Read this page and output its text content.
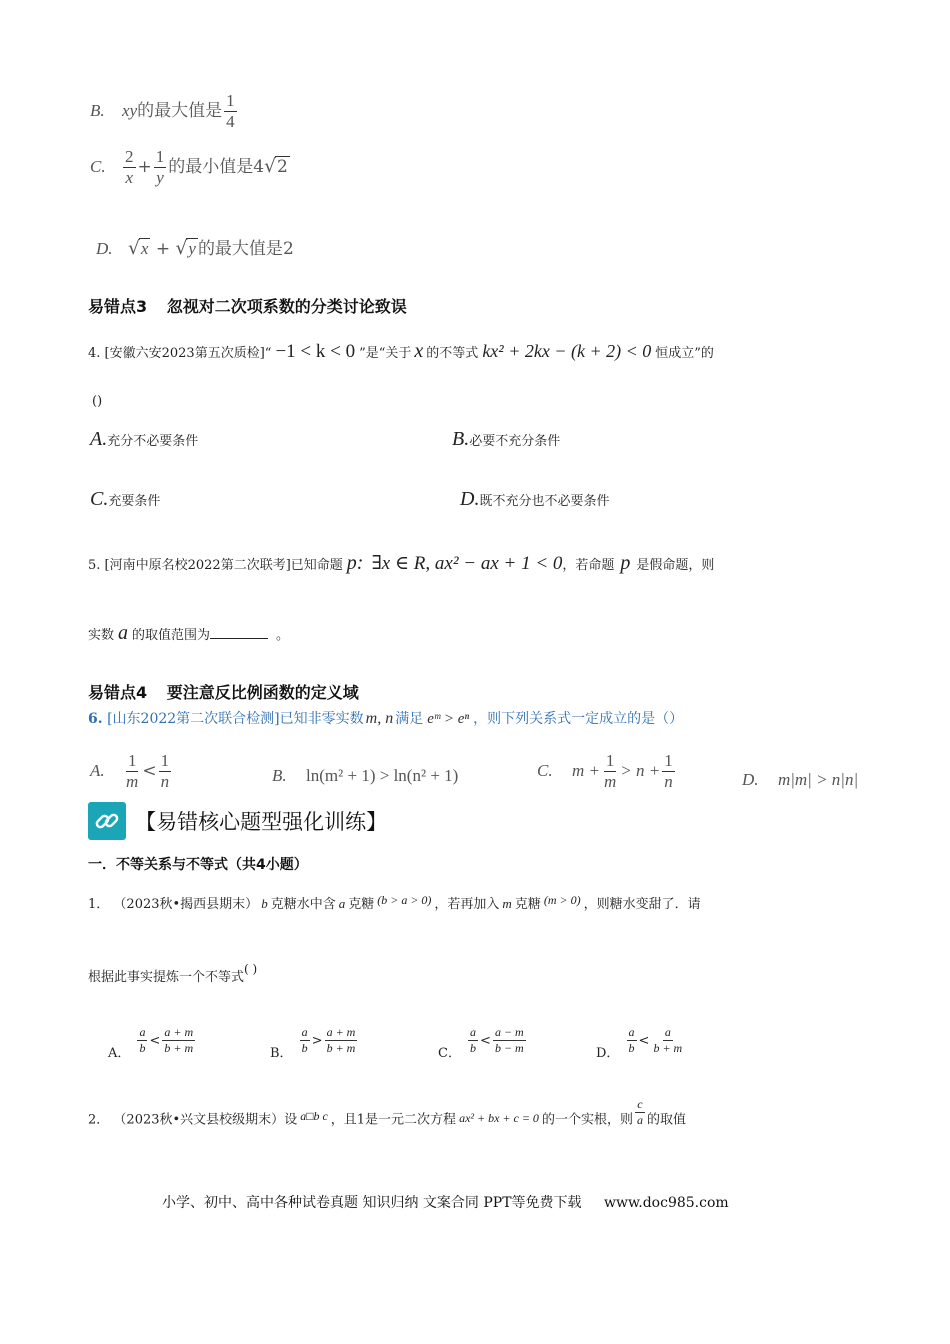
B. xy的最大值是 $\frac{1}{4}$
C. $\frac{2}{x} + \frac{1}{y}$ 的最小值是4√2
D. √x + √y 的最大值是2
易错点3 忽视对二次项系数的分类讨论致误
4. [安徽六安2023第五次质检]“ −1 < k < 0 ”是“关于 x 的不等式 kx² + 2kx − (k + 2) < 0 恒成立”的
()
A.充分不必要条件	B.必要不充分条件
C.充要条件	D.既不充分也不必要条件
5. [河南中原名校2022第二次联考]已知命题 p: ∃x ∈ R, ax² − ax + 1 < 0，若命题 p 是假命题，则
实数 a 的取值范围为	。
易错点4 要注意反比例函数的定义域
6. [山东2022第二次联合检测]已知非零实数 m, n 满足 eᵐ > eⁿ ，则下列关系式一定成立的是（）
A. $\frac{1}{m} < \frac{1}{n}$	B. ln(m² + 1) > ln(n² + 1)	C. $m + \frac{1}{m} > n + \frac{1}{n}$	D. m|m| > n|n|
【易错核心题型强化训练】
一．不等关系与不等式（共4小题）
1． （2023秋•揭西县期末） b 克糖水中含 a 克糖 (b > a > 0) ，若再加入 m 克糖 (m > 0) ，则糖水变甜了．请
根据此事实提炼一个不等式( )
$_{A.} \frac{a}{b} < \frac{a + m}{b + m}$	$_{B.} \frac{a}{b} > \frac{a + m}{b + m}$	$_{C.} \frac{a}{b} < \frac{a - m}{b - m}$	$_{D.} \frac{a}{b} < \frac{a}{b + m}$
2． （2023秋•兴文县校级期末）设 a□b c ，且1是一元二次方程 ax² + bx + c = 0 的一个实根，则 $\frac{c}{a}$ 的取值
小学、初中、高中各种试卷真题 知识归纳 文案合同 PPT等免费下载 www.doc985.com
